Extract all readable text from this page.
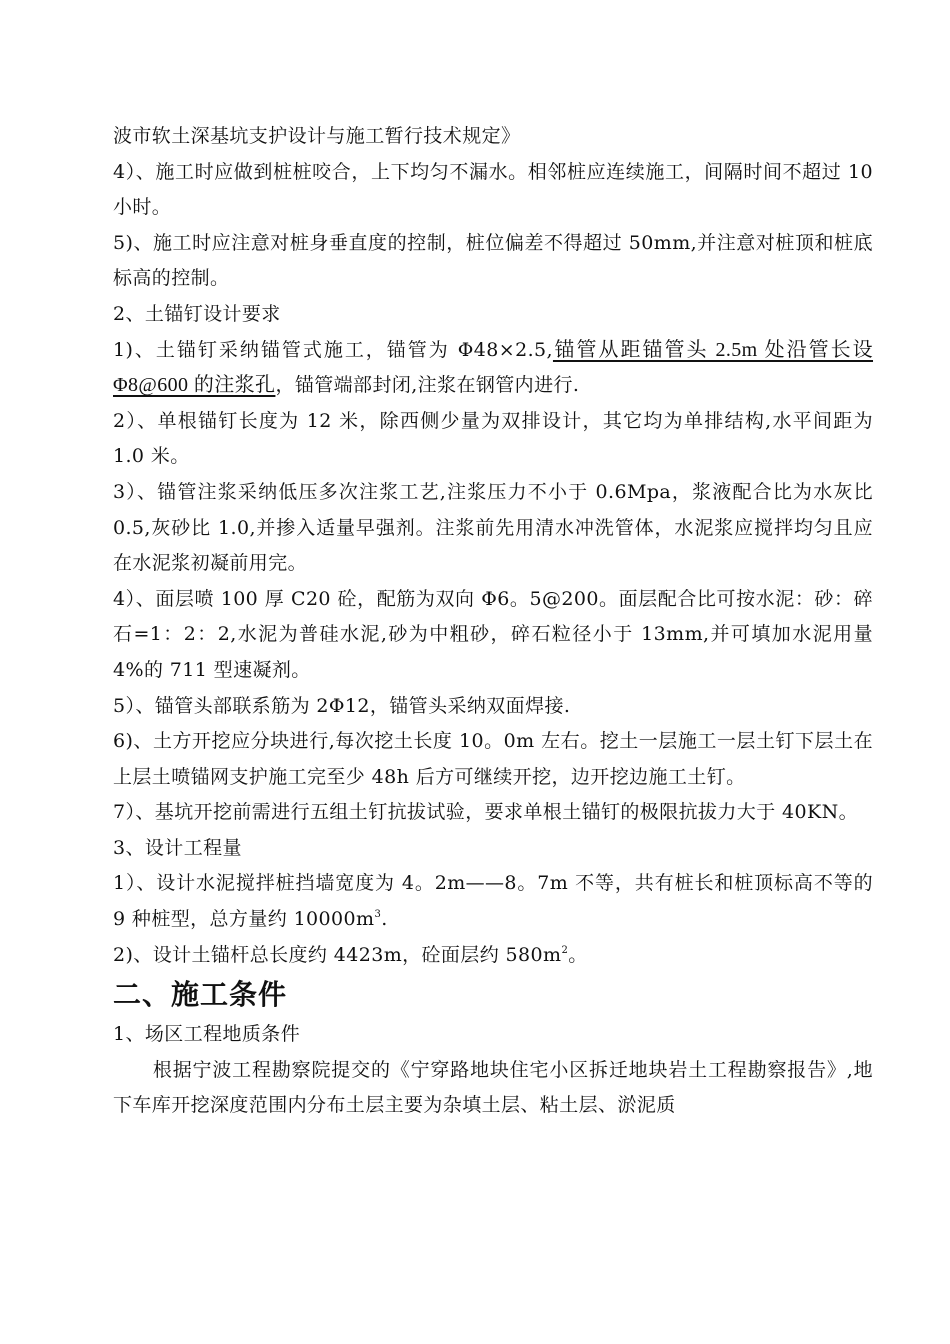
波市软土深基坑支护设计与施工暂行技术规定》

4）、施工时应做到桩桩咬合，上下均匀不漏水。相邻桩应连续施工，间隔时间不超过 10 小时。

5)、施工时应注意对桩身垂直度的控制，桩位偏差不得超过 50mm,并注意对桩顶和桩底标高的控制。

2、土锚钉设计要求

1)、土锚钉采纳锚管式施工，锚管为 Φ48×2.5,锚管从距锚管头 2.5m 处沿管长设 Φ8@600 的注浆孔，锚管端部封闭,注浆在钢管内进行.

2）、单根锚钉长度为 12 米，除西侧少量为双排设计，其它均为单排结构,水平间距为 1.0 米。

3）、锚管注浆采纳低压多次注浆工艺,注浆压力不小于 0.6Mpa，浆液配合比为水灰比 0.5,灰砂比 1.0,并掺入适量早强剂。注浆前先用清水冲洗管体，水泥浆应搅拌均匀且应在水泥浆初凝前用完。

4）、面层喷 100 厚 C20 砼，配筋为双向 Φ6。5@200。面层配合比可按水泥：砂：碎石=1：2：2,水泥为普硅水泥,砂为中粗砂，碎石粒径小于 13mm,并可填加水泥用量 4%的 711 型速凝剂。

5）、锚管头部联系筋为 2Φ12，锚管头采纳双面焊接.

6)、土方开挖应分块进行,每次挖土长度 10。0m 左右。挖土一层施工一层土钉下层土在上层土喷锚网支护施工完至少 48h 后方可继续开挖，边开挖边施工土钉。

7）、基坑开挖前需进行五组土钉抗拔试验，要求单根土锚钉的极限抗拔力大于 40KN。

3、设计工程量

1）、设计水泥搅拌桩挡墙宽度为 4。2m——8。7m 不等，共有桩长和桩顶标高不等的 9 种桩型，总方量约 $10000m^3$.

2)、设计土锚杆总长度约 4423m，砼面层约 $580m^2$。

二、施工条件

1、场区工程地质条件

根据宁波工程勘察院提交的《宁穿路地块住宅小区拆迁地块岩土工程勘察报告》,地下车库开挖深度范围内分布土层主要为杂填土层、粘土层、淤泥质
